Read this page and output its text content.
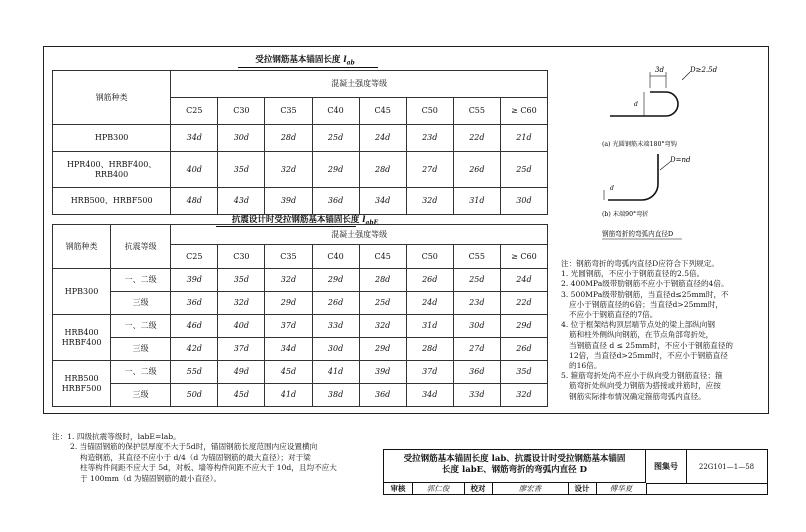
受拉钢筋基本锚固长度 $l_{ab}$
钢筋种类	混凝土强度等级							
	C25	C30	C35	C40	C45	C50	C55	≥ C60
HPB300	34d	30d	28d	25d	24d	23d	22d	21d

HPR400、HRBF400、
RRB400	40d	35d	32d	29d	28d	27d	26d	25d
HRB500、HRBF500	48d	43d	39d	36d	34d	32d	31d	30d
抗震设计时受拉钢筋基本锚固长度 $l_{abE}$
钢筋种类	抗震等级	混凝土强度等级							
		C25	C30	C35	C40	C45	C50	C55	≥ C60
HPB300	一、二级	39d	35d	32d	29d	28d	26d	25d	24d
	三级	36d	32d	29d	26d	25d	24d	23d	22d

HRB400
HRBF400	一、二级	46d	40d	37d	33d	32d	31d	30d	29d
	三级	42d	37d	34d	30d	29d	28d	27d	26d

HRB500
HRBF500	一、二级	55d	49d	45d	41d	39d	37d	36d	35d
	三级	50d	45d	41d	38d	36d	34d	33d	32d
3d	D≥2.5d
d
(a) 光圆钢筋末端180°弯钩
D=nd
d
(b) 末端90°弯折
钢筋弯折的弯弧内直径D
注：钢筋弯折的弯弧内直径D应符合下列规定。
1. 光圆钢筋，不应小于钢筋直径的2.5倍。
2. 400MPa级带肋钢筋不应小于钢筋直径的4倍。
3. 500MPa级带肋钢筋，当直径d≤25mm时，不
应小于钢筋直径的6倍；当直径d>25mm时，
不应小于钢筋直径的7倍。
4. 位于框架结构顶层端节点处的梁上部纵向钢
筋和柱外侧纵向钢筋，在节点角部弯折处，
当钢筋直径 d ≤ 25mm时，不应小于钢筋直径的
12倍，当直径d>25mm时，不应小于钢筋直径
的16倍。
5. 箍筋弯折处尚不应小于纵向受力钢筋直径；箍
筋弯折处纵向受力钢筋为搭接或并筋时，应按
钢筋实际排布情况确定箍筋弯弧内直径。
注：1. 四级抗震等级时，labE=lab。
2. 当锚固钢筋的保护层厚度不大于5d时，锚固钢筋长度范围内应设置横向
构造钢筋，其直径不应小于 d/4（d 为锚固钢筋的最大直径）；对于梁
柱等构件间距不应大于 5d，对板、墙等构件间距不应大于 10d，且均不应大
于 100mm（d 为锚固钢筋的最小直径）。
受拉钢筋基本锚固长度 lab、抗震设计时受拉钢筋基本锚固
长度 labE、钢筋弯折的弯弧内直径 D	图集号	22G101—1—58
审核	郭仁俊	校对	廖宏香	设计	傅华夏
